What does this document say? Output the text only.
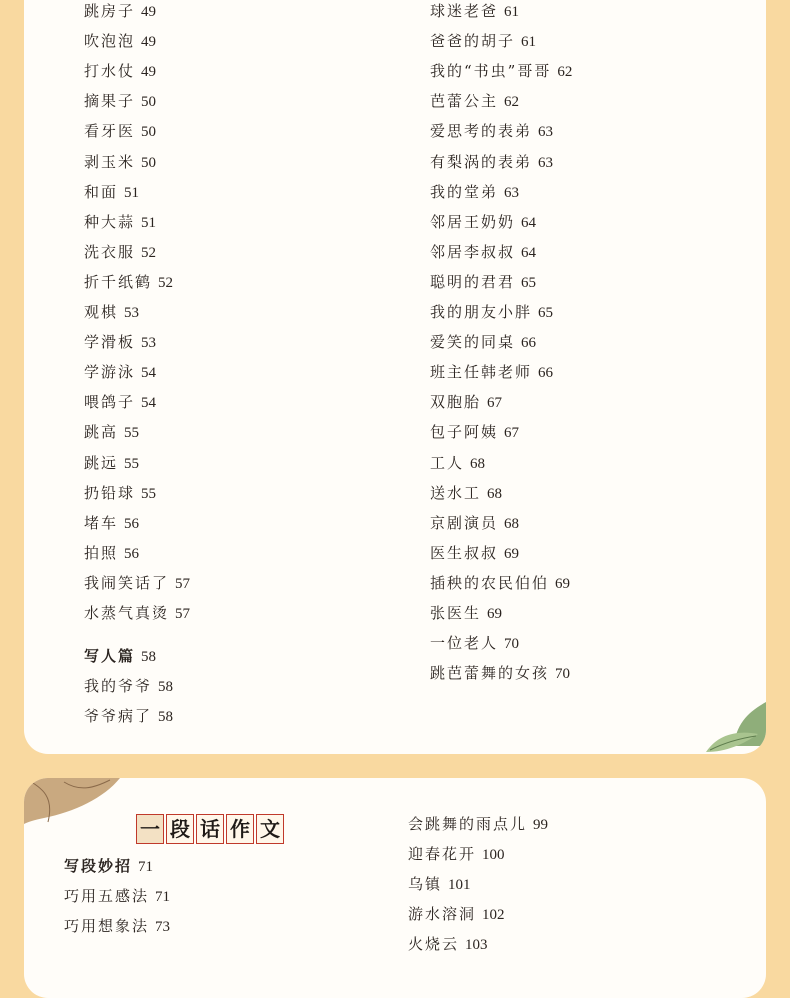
跳房子 49
吹泡泡 49
打水仗 49
摘果子 50
看牙医 50
剥玉米 50
和面 51
种大蒜 51
洗衣服 52
折千纸鹤 52
观棋 53
学滑板 53
学游泳 54
喂鸽子 54
跳高 55
跳远 55
扔铅球 55
堵车 56
拍照 56
我闹笑话了 57
水蒸气真烫 57
写人篇 58
我的爷爷 58
爷爷病了 58
球迷老爸 61
爸爸的胡子 61
我的“书虫”哥哥 62
芭蕾公主 62
爱思考的表弟 63
有梨涡的表弟 63
我的堂弟 63
邻居王奶奶 64
邻居李叔叔 64
聪明的君君 65
我的朋友小胖 65
爱笑的同桌 66
班主任韩老师 66
双胞胎 67
包子阿姨 67
工人 68
送水工 68
京剧演员 68
医生叔叔 69
插秧的农民伯伯 69
张医生 69
一位老人 70
跳芭蕾舞的女孩 70
一 段 话 作 文
写段妙招 71
巧用五感法 71
巧用想象法 73
会跳舞的雨点儿 99
迎春花开 100
乌镇 101
游水溶洞 102
火烧云 103
